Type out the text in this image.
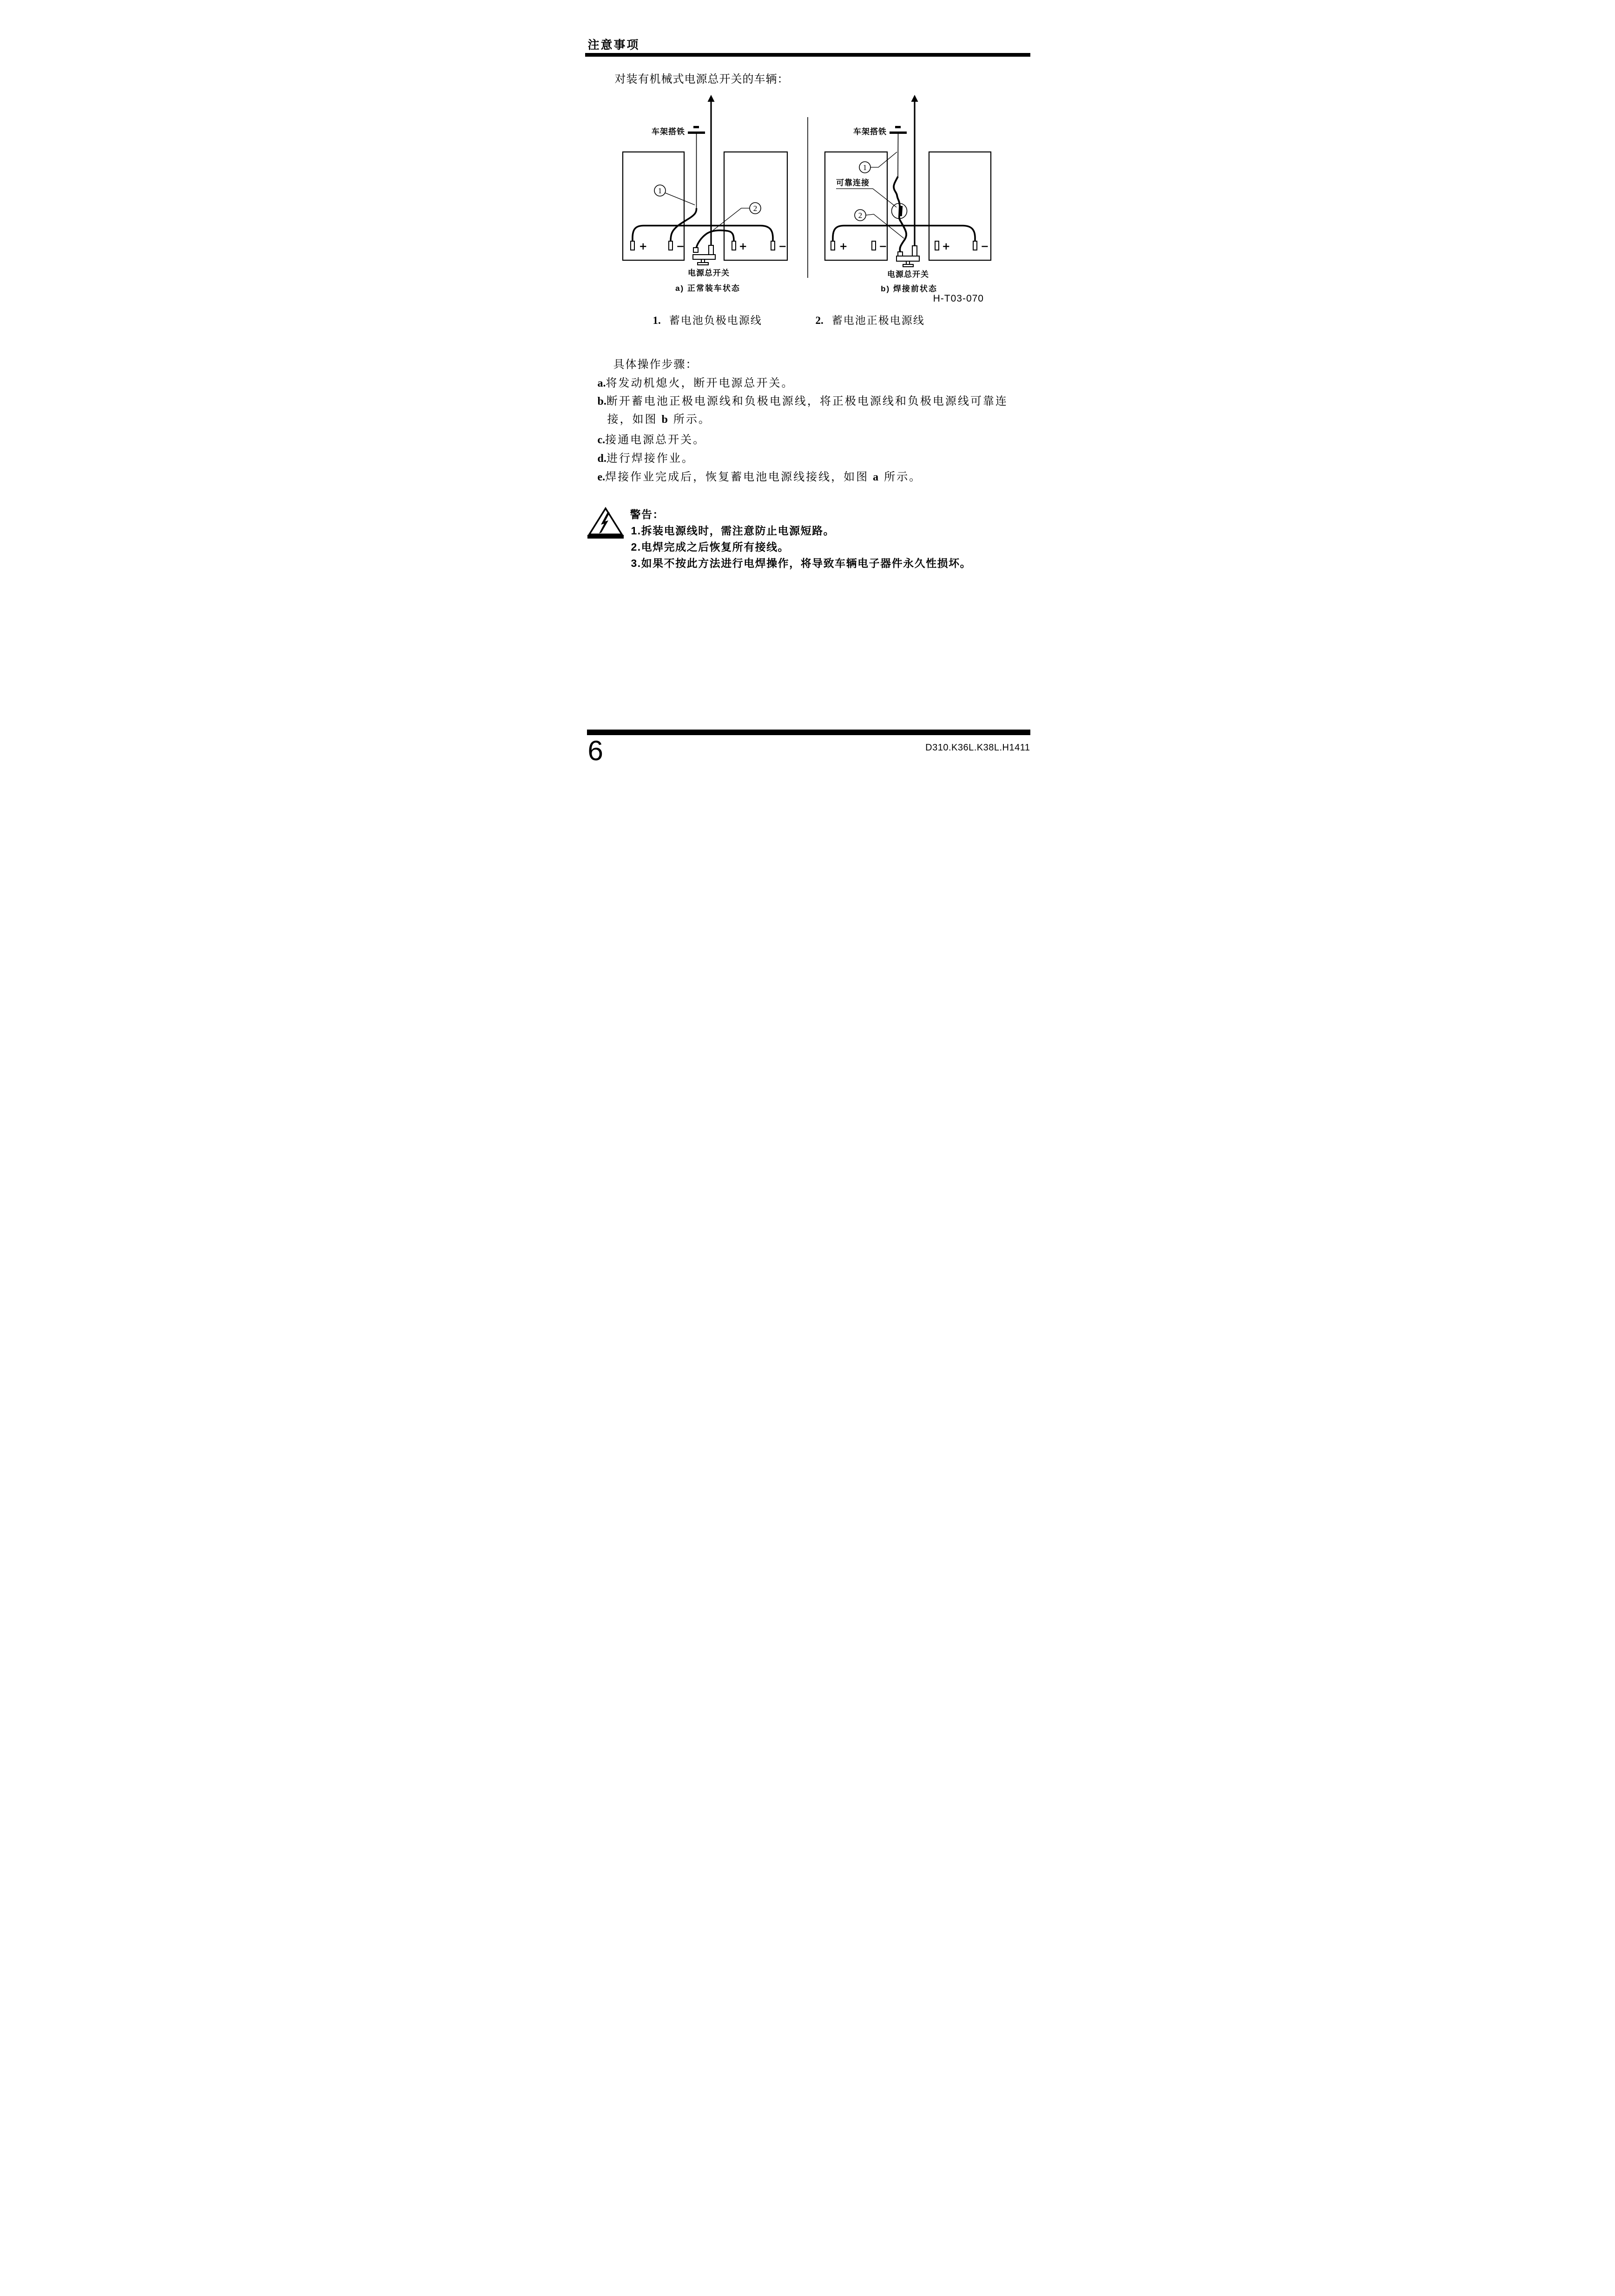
注意事项
对装有机械式电源总开关的车辆：
+	−	+	−
1
2
车架搭铁
电源总开关
a) 正常装车状态
+	−	+	−
1
2
可靠连接
车架搭铁
电源总开关
b) 焊接前状态
H-T03-070
1. 蓄电池负极电源线	2. 蓄电池正极电源线
具体操作步骤：
a.将发动机熄火，断开电源总开关。
b.断开蓄电池正极电源线和负极电源线，将正极电源线和负极电源线可靠连
接，如图 b 所示。
c.接通电源总开关。
d.进行焊接作业。
e.焊接作业完成后，恢复蓄电池电源线接线，如图 a 所示。
警告：
1.拆装电源线时，需注意防止电源短路。
2.电焊完成之后恢复所有接线。
3.如果不按此方法进行电焊操作，将导致车辆电子器件永久性损坏。
6	D310.K36L.K38L.H1411
